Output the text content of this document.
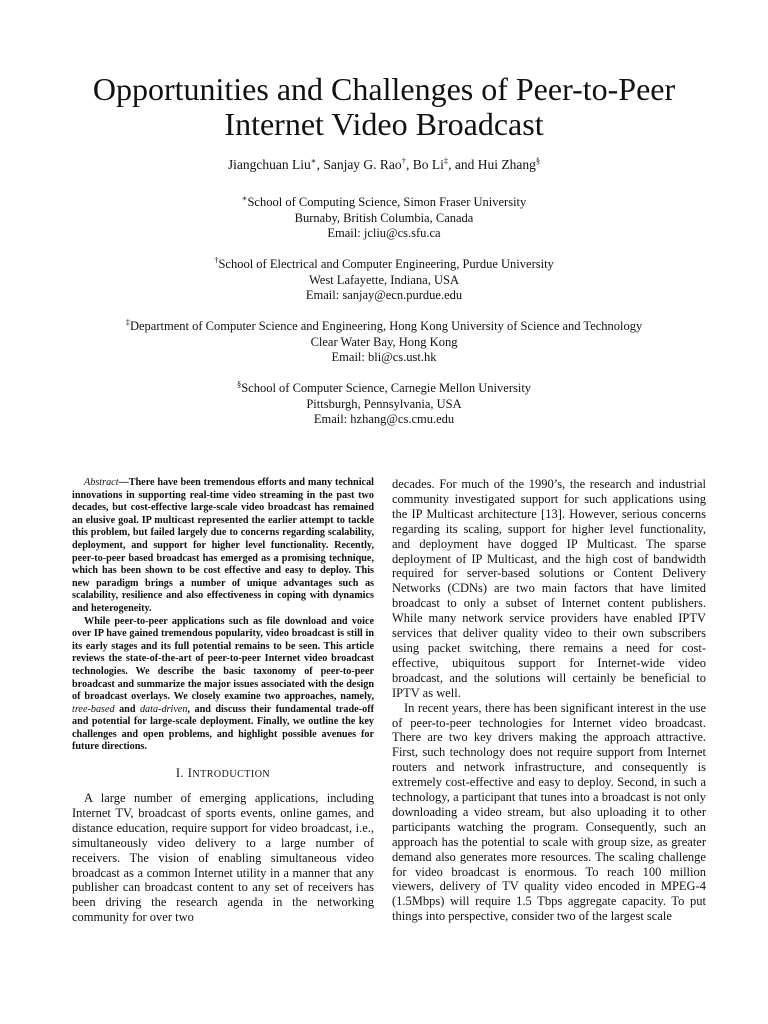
Opportunities and Challenges of Peer-to-Peer
Internet Video Broadcast
Jiangchuan Liu∗, Sanjay G. Rao†, Bo Li‡, and Hui Zhang§
∗School of Computing Science, Simon Fraser University
Burnaby, British Columbia, Canada
Email: jcliu@cs.sfu.ca
†School of Electrical and Computer Engineering, Purdue University
West Lafayette, Indiana, USA
Email: sanjay@ecn.purdue.edu
‡Department of Computer Science and Engineering, Hong Kong University of Science and Technology
Clear Water Bay, Hong Kong
Email: bli@cs.ust.hk
§School of Computer Science, Carnegie Mellon University
Pittsburgh, Pennsylvania, USA
Email: hzhang@cs.cmu.edu

Abstract—There have been tremendous efforts and many technical innovations in supporting real-time video streaming in the past two decades, but cost-effective large-scale video broadcast has remained an elusive goal. IP multicast represented the earlier attempt to tackle this problem, but failed largely due to concerns regarding scalability, deployment, and support for higher level functionality. Recently, peer-to-peer based broadcast has emerged as a promising technique, which has been shown to be cost effective and easy to deploy. This new paradigm brings a number of unique advantages such as scalability, resilience and also effectiveness in coping with dynamics and heterogeneity.

While peer-to-peer applications such as file download and voice over IP have gained tremendous popularity, video broadcast is still in its early stages and its full potential remains to be seen. This article reviews the state-of-the-art of peer-to-peer Internet video broadcast technologies. We describe the basic taxonomy of peer-to-peer broadcast and summarize the major issues associated with the design of broadcast overlays. We closely examine two approaches, namely, tree-based and data-driven, and discuss their fundamental trade-off and potential for large-scale deployment. Finally, we outline the key challenges and open problems, and highlight possible avenues for future directions.

I. INTRODUCTION

A large number of emerging applications, including Internet TV, broadcast of sports events, online games, and distance education, require support for video broadcast, i.e., simultaneously video delivery to a large number of receivers. The vision of enabling simultaneous video broadcast as a common Internet utility in a manner that any publisher can broadcast content to any set of receivers has been driving the research agenda in the networking community for over two

decades. For much of the 1990’s, the research and industrial community investigated support for such applications using the IP Multicast architecture [13]. However, serious concerns regarding its scaling, support for higher level functionality, and deployment have dogged IP Multicast. The sparse deployment of IP Multicast, and the high cost of bandwidth required for server-based solutions or Content Delivery Networks (CDNs) are two main factors that have limited broadcast to only a subset of Internet content publishers. While many network service providers have enabled IPTV services that deliver quality video to their own subscribers using packet switching, there remains a need for cost-effective, ubiquitous support for Internet-wide video broadcast, and the solutions will certainly be beneficial to IPTV as well.

In recent years, there has been significant interest in the use of peer-to-peer technologies for Internet video broadcast. There are two key drivers making the approach attractive. First, such technology does not require support from Internet routers and network infrastructure, and consequently is extremely cost-effective and easy to deploy. Second, in such a technology, a participant that tunes into a broadcast is not only downloading a video stream, but also uploading it to other participants watching the program. Consequently, such an approach has the potential to scale with group size, as greater demand also generates more resources. The scaling challenge for video broadcast is enormous. To reach 100 million viewers, delivery of TV quality video encoded in MPEG-4 (1.5Mbps) will require 1.5 Tbps aggregate capacity. To put things into perspective, consider two of the largest scale
